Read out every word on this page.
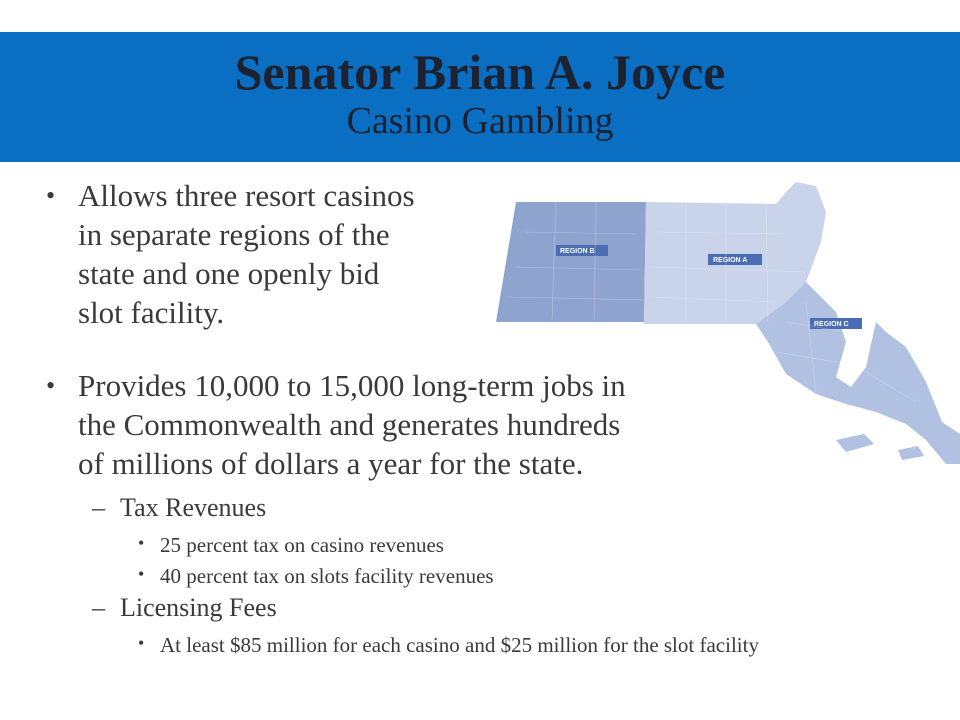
Senator Brian A. Joyce
Casino Gambling
REGION B
REGION A
REGION C
• Allows three resort casinos
in separate regions of the
state and one openly bid
slot facility.
• Provides 10,000 to 15,000 long-term jobs in
the Commonwealth and generates hundreds
of millions of dollars a year for the state.
– Tax Revenues
• 25 percent tax on casino revenues
• 40 percent tax on slots facility revenues
– Licensing Fees
• At least $85 million for each casino and $25 million for the slot facility
